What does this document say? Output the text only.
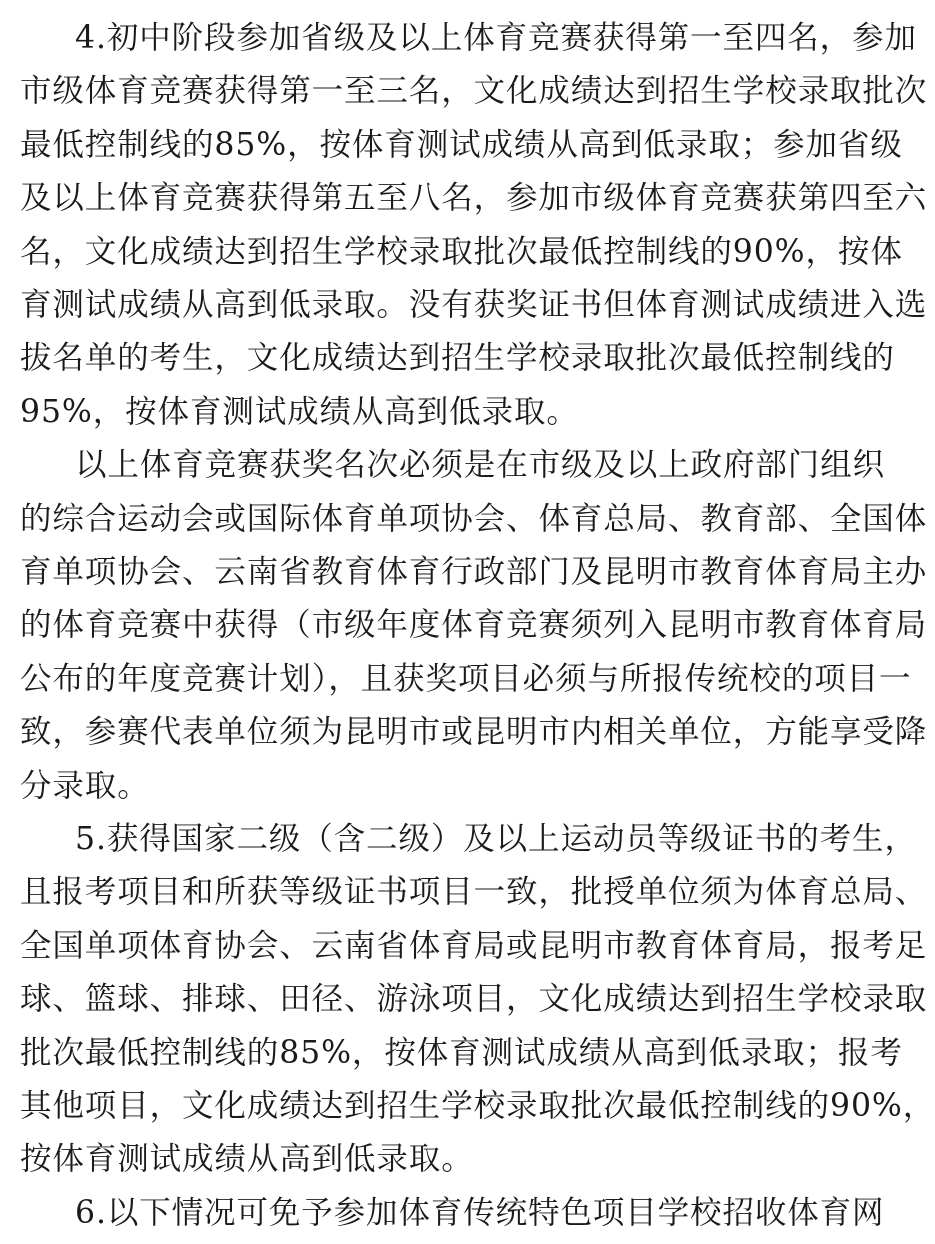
4.初中阶段参加省级及以上体育竞赛获得第一至四名，参加
市级体育竞赛获得第一至三名，文化成绩达到招生学校录取批次
最低控制线的85%，按体育测试成绩从高到低录取；参加省级
及以上体育竞赛获得第五至八名，参加市级体育竞赛获第四至六
名，文化成绩达到招生学校录取批次最低控制线的90%，按体
育测试成绩从高到低录取。没有获奖证书但体育测试成绩进入选
拔名单的考生，文化成绩达到招生学校录取批次最低控制线的
95%，按体育测试成绩从高到低录取。
以上体育竞赛获奖名次必须是在市级及以上政府部门组织
的综合运动会或国际体育单项协会、体育总局、教育部、全国体
育单项协会、云南省教育体育行政部门及昆明市教育体育局主办
的体育竞赛中获得（市级年度体育竞赛须列入昆明市教育体育局
公布的年度竞赛计划），且获奖项目必须与所报传统校的项目一
致，参赛代表单位须为昆明市或昆明市内相关单位，方能享受降
分录取。
5.获得国家二级（含二级）及以上运动员等级证书的考生，
且报考项目和所获等级证书项目一致，批授单位须为体育总局、
全国单项体育协会、云南省体育局或昆明市教育体育局，报考足
球、篮球、排球、田径、游泳项目，文化成绩达到招生学校录取
批次最低控制线的85%，按体育测试成绩从高到低录取；报考
其他项目，文化成绩达到招生学校录取批次最低控制线的90%，
按体育测试成绩从高到低录取。
6.以下情况可免予参加体育传统特色项目学校招收体育网
